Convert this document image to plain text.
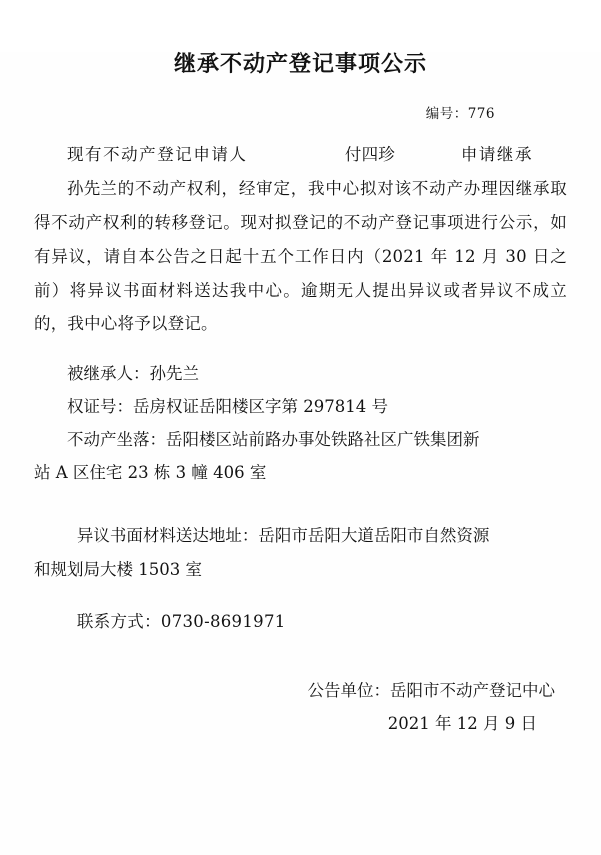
继承不动产登记事项公示
编号：776

现有不动产登记申请人	付四珍	申请继承孙先兰的不动产权利，经审定，我中心拟对该不动产办理因继承取得不动产权利的转移登记。现对拟登记的不动产登记事项进行公示，如有异议，请自本公告之日起十五个工作日内（2021 年 12 月 30 日之前）将异议书面材料送达我中心。逾期无人提出异议或者异议不成立的，我中心将予以登记。

被继承人：孙先兰

权证号：岳房权证岳阳楼区字第 297814 号

不动产坐落：岳阳楼区站前路办事处铁路社区广铁集团新

站 A 区住宅 23 栋 3 幢 406 室

异议书面材料送达地址：岳阳市岳阳大道岳阳市自然资源

和规划局大楼 1503 室

联系方式：0730-8691971

公告单位：岳阳市不动产登记中心

2021 年 12 月 9 日
